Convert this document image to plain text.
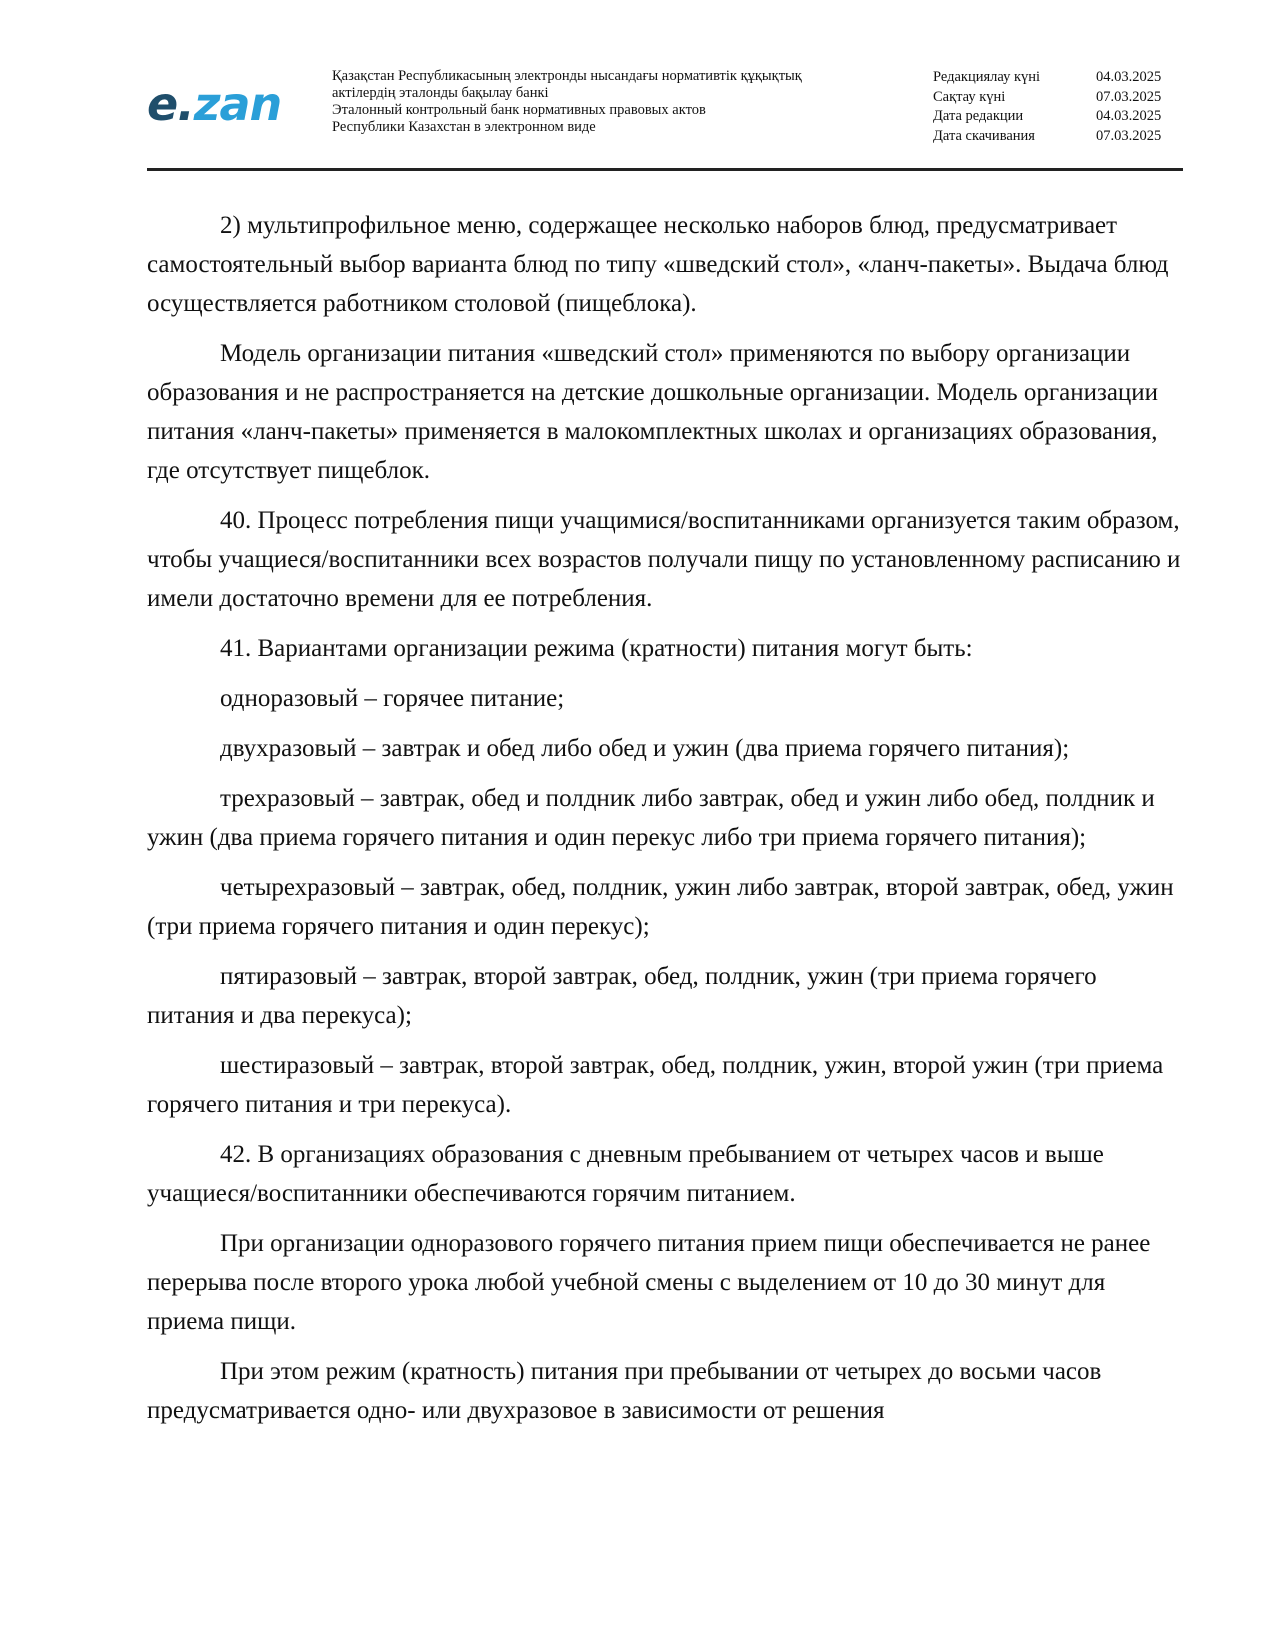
e.zan
Қазақстан Республикасының электронды нысандағы нормативтік құқықтық
актілердің эталонды бақылау банкі
Эталонный контрольный банк нормативных правовых актов
Республики Казахстан в электронном виде
Редакциялау күні	04.03.2025
Сақтау күні	07.03.2025
Дата редакции	04.03.2025
Дата скачивания	07.03.2025

2) мультипрофильное меню, содержащее несколько наборов блюд, предусматривает самостоятельный выбор варианта блюд по типу «шведский стол», «ланч-пакеты». Выдача блюд осуществляется работником столовой (пищеблока).

Модель организации питания «шведский стол» применяются по выбору организации образования и не распространяется на детские дошкольные организации. Модель организации питания «ланч-пакеты» применяется в малокомплектных школах и организациях образования, где отсутствует пищеблок.

40. Процесс потребления пищи учащимися/воспитанниками организуется таким образом, чтобы учащиеся/воспитанники всех возрастов получали пищу по установленному расписанию и имели достаточно времени для ее потребления.

41. Вариантами организации режима (кратности) питания могут быть:

одноразовый – горячее питание;

двухразовый – завтрак и обед либо обед и ужин (два приема горячего питания);

трехразовый – завтрак, обед и полдник либо завтрак, обед и ужин либо обед, полдник и ужин (два приема горячего питания и один перекус либо три приема горячего питания);

четырехразовый – завтрак, обед, полдник, ужин либо завтрак, второй завтрак, обед, ужин (три приема горячего питания и один перекус);

пятиразовый – завтрак, второй завтрак, обед, полдник, ужин (три приема горячего питания и два перекуса);

шестиразовый – завтрак, второй завтрак, обед, полдник, ужин, второй ужин (три приема горячего питания и три перекуса).

42. В организациях образования с дневным пребыванием от четырех часов и выше учащиеся/воспитанники обеспечиваются горячим питанием.

При организации одноразового горячего питания прием пищи обеспечивается не ранее перерыва после второго урока любой учебной смены с выделением от 10 до 30 минут для приема пищи.

При этом режим (кратность) питания при пребывании от четырех до восьми часов предусматривается одно- или двухразовое в зависимости от решения
